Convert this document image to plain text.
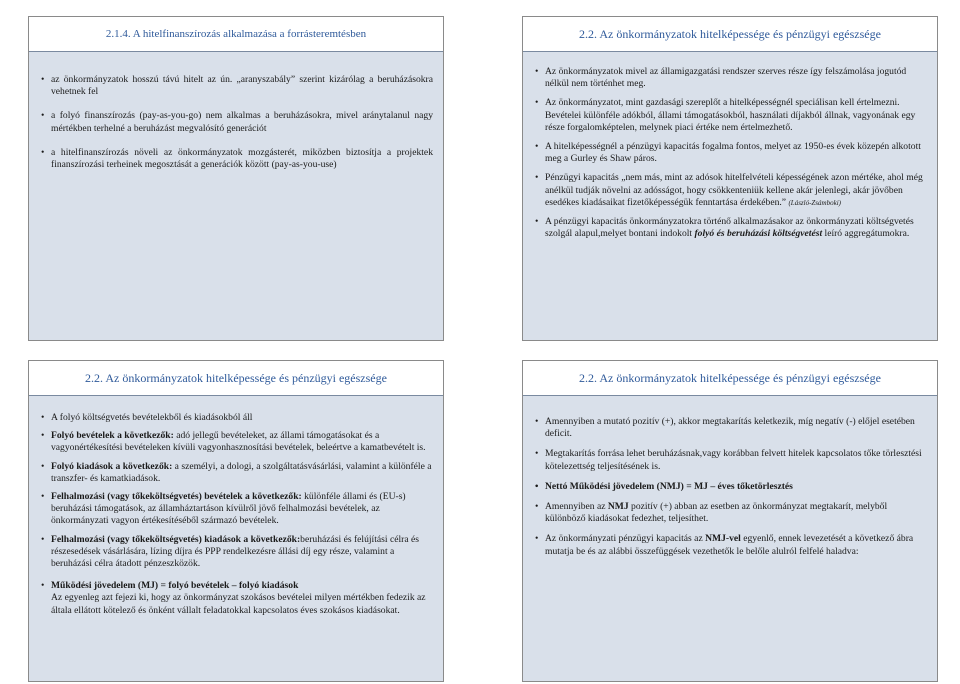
2.1.4. A hitelfinanszírozás alkalmazása a forrásteremtésben
• az önkormányzatok hosszú távú hitelt az ún. „aranyszabály” szerint kizárólag a beruházásokra vehetnek fel
• a folyó finanszírozás (pay-as-you-go) nem alkalmas a beruházásokra, mivel aránytalanul nagy mértékben terhelné a beruházást megvalósító generációt
• a hitelfinanszírozás növeli az önkormányzatok mozgásterét, miközben biztosítja a projektek finanszírozási terheinek megosztását a generációk között (pay-as-you-use)
2.2. Az önkormányzatok hitelképessége és pénzügyi egészsége
• Az önkormányzatok mivel az államigazgatási rendszer szerves része így felszámolása jogutód nélkül nem történhet meg.
• Az önkormányzatot, mint gazdasági szereplőt a hitelképességnél speciálisan kell értelmezni. Bevételei különféle adókból, állami támogatásokból, használati díjakból állnak, vagyonának egy része forgalomképtelen, melynek piaci értéke nem értelmezhető.
• A hitelképességnél a pénzügyi kapacitás fogalma fontos, melyet az 1950-es évek közepén alkotott meg a Gurley és Shaw páros.
• Pénzügyi kapacitás „nem más, mint az adósok hitelfelvételi képességének azon mértéke, ahol még anélkül tudják növelni az adósságot, hogy csökkenteniük kellene akár jelenlegi, akár jövőben esedékes kiadásaikat fizetőképességük fenntartása érdekében.” (László-Zsámboki)
• A pénzügyi kapacitás önkormányzatokra történő alkalmazásakor az önkormányzati költségvetés szolgál alapul,melyet bontani indokolt folyó és beruházási költségvetést leíró aggregátumokra.
2.2. Az önkormányzatok hitelképessége és pénzügyi egészsége
• A folyó költségvetés bevételekből és kiadásokból áll
• Folyó bevételek a következők: adó jellegű bevételeket, az állami támogatásokat és a vagyonértékesítési bevételeken kívüli vagyonhasznosítási bevételek, beleértve a kamatbevételt is.
• Folyó kiadások a következők: a személyi, a dologi, a szolgáltatásvásárlási, valamint a különféle a transzfer- és kamatkiadások.
• Felhalmozási (vagy tőkeköltségvetés) bevételek a következők: különféle állami és (EU-s) beruházási támogatások, az államháztartáson kívülről jövő felhalmozási bevételek, az önkormányzati vagyon értékesítéséből származó bevételek.
• Felhalmozási (vagy tőkeköltségvetés) kiadások a következők:beruházási és felújítási célra és részesedések vásárlására, lízing díjra és PPP rendelkezésre állási díj egy része, valamint a beruházási célra átadott pénzeszközök.
• Működési jövedelem (MJ) = folyó bevételek – folyó kiadások
Az egyenleg azt fejezi ki, hogy az önkormányzat szokásos bevételei milyen mértékben fedezik az általa ellátott kötelező és önként vállalt feladatokkal kapcsolatos éves szokásos kiadásokat.
2.2. Az önkormányzatok hitelképessége és pénzügyi egészsége
• Amennyiben a mutató pozitív (+), akkor megtakarítás keletkezik, míg negatív (-) előjel esetében deficit.
• Megtakarítás forrása lehet beruházásnak,vagy korábban felvett hitelek kapcsolatos tőke törlesztési kötelezettség teljesítésének is.
• Nettó Működési jövedelem (NMJ) = MJ – éves tőketörlesztés
• Amennyiben az NMJ pozitív (+) abban az esetben az önkormányzat megtakarít, melyből különböző kiadásokat fedezhet, teljesíthet.
• Az önkormányzati pénzügyi kapacitás az NMJ-vel egyenlő, ennek levezetését a következő ábra mutatja be és az alábbi összefüggések vezethetők le belőle alulról felfelé haladva:
